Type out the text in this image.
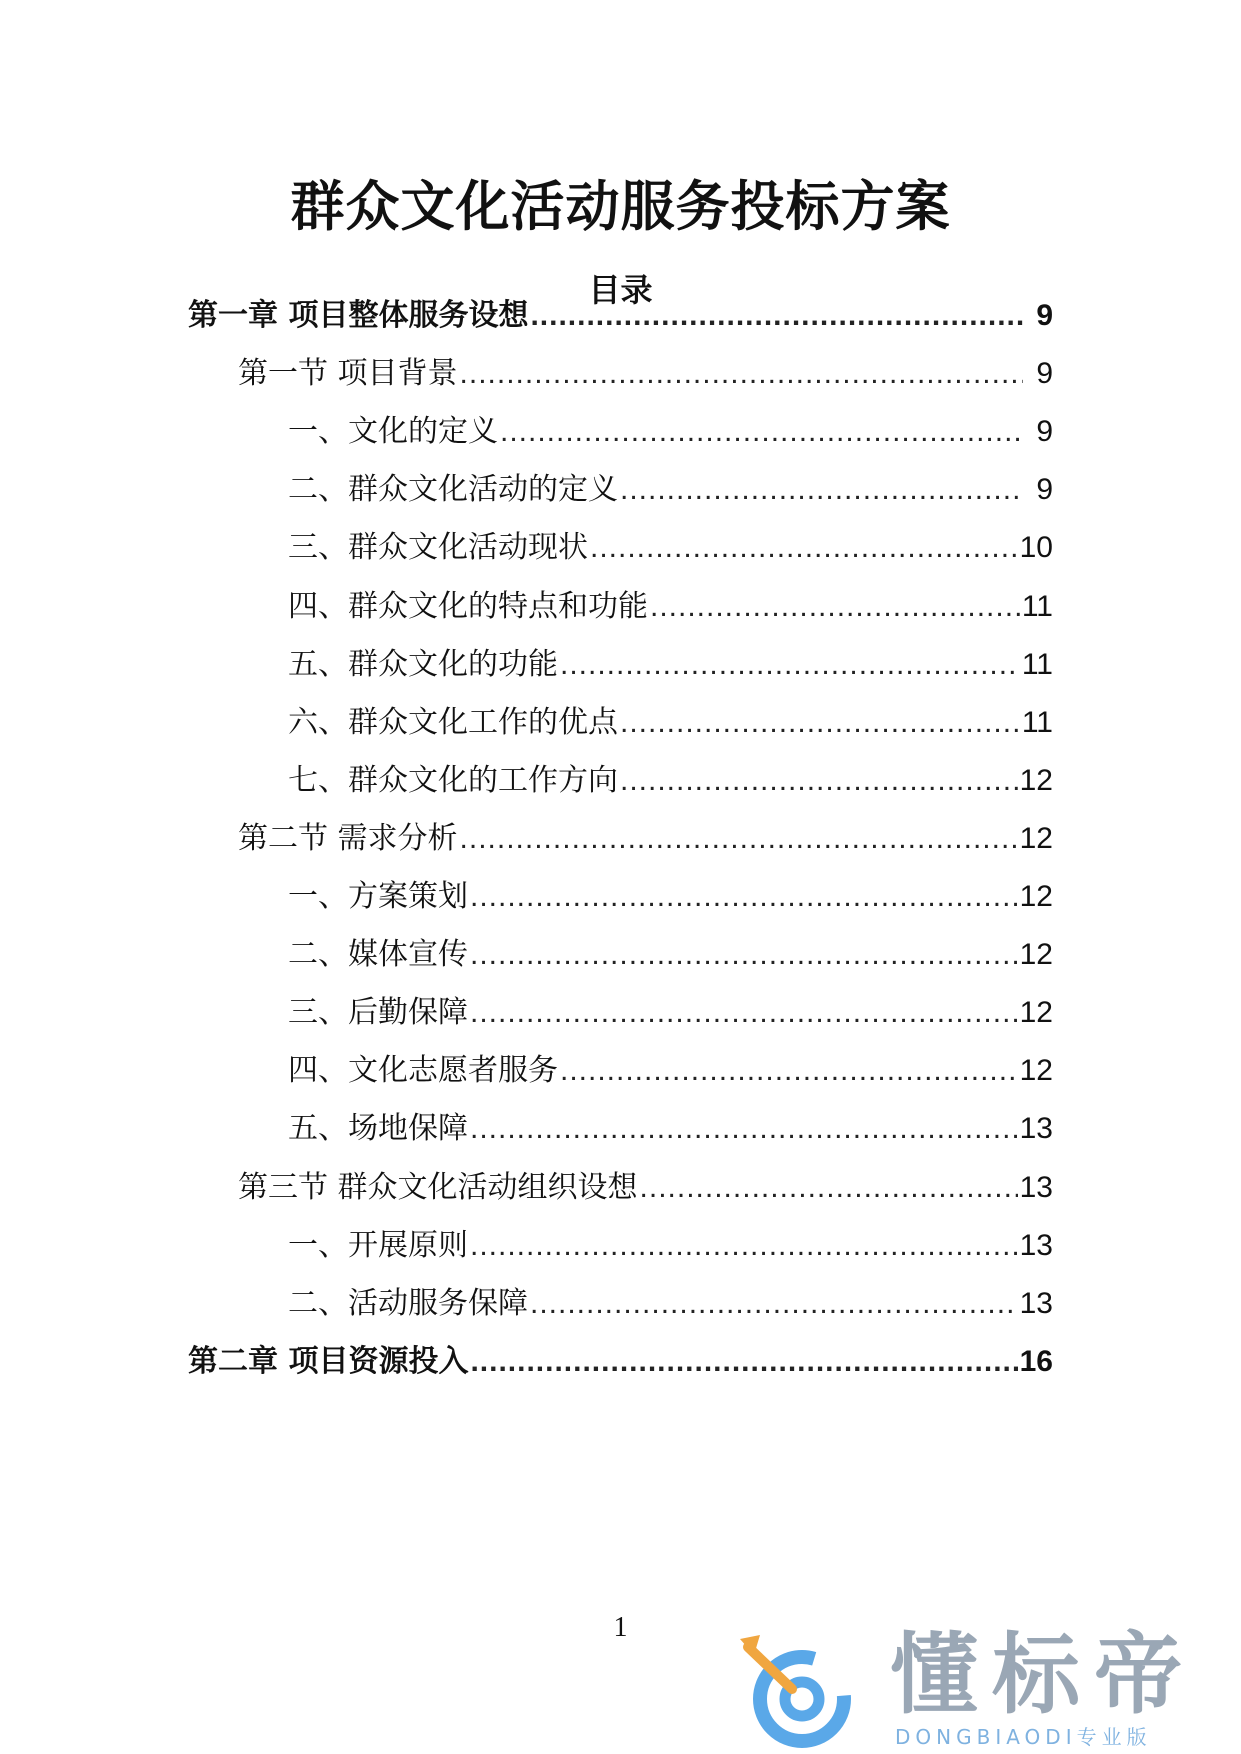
群众文化活动服务投标方案
目录
第一章 项目整体服务设想 .....	9
第一节 项目背景 .....	9
一、文化的定义 .....	9
二、群众文化活动的定义 .....	9
三、群众文化活动现状 .....	10
四、群众文化的特点和功能 .....	11
五、群众文化的功能 .....	11
六、群众文化工作的优点 .....	11
七、群众文化的工作方向 .....	12
第二节 需求分析 .....	12
一、方案策划 .....	12
二、媒体宣传 .....	12
三、后勤保障 .....	12
四、文化志愿者服务 .....	12
五、场地保障 .....	13
第三节 群众文化活动组织设想 .....	13
一、开展原则 .....	13
二、活动服务保障 .....	13
第二章 项目资源投入 .....	16
1	懂标帝
DONGBIAODI专业版
